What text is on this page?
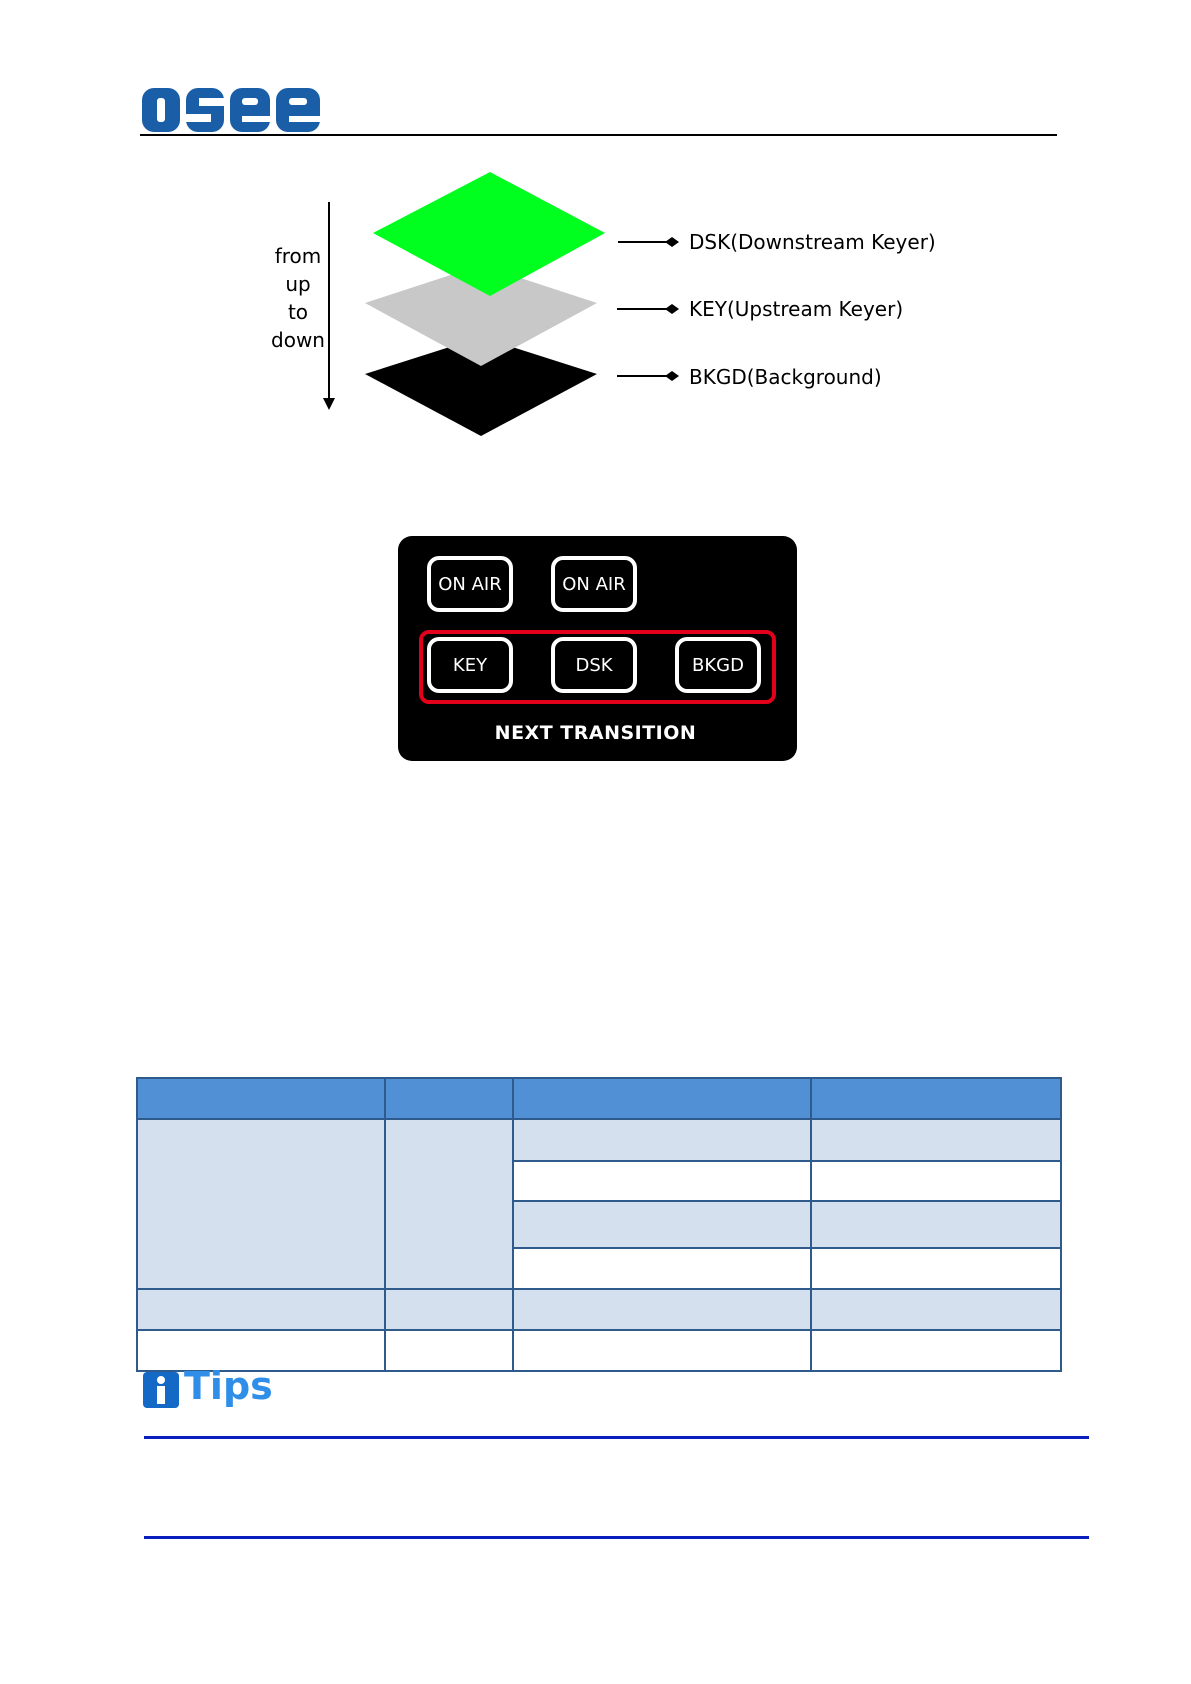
from
up
to
down
DSK(Downstream Keyer)
KEY(Upstream Keyer)
BKGD(Background)
ON AIR	ON AIR
KEY	DSK	BKGD
NEXT TRANSITION

Tips
